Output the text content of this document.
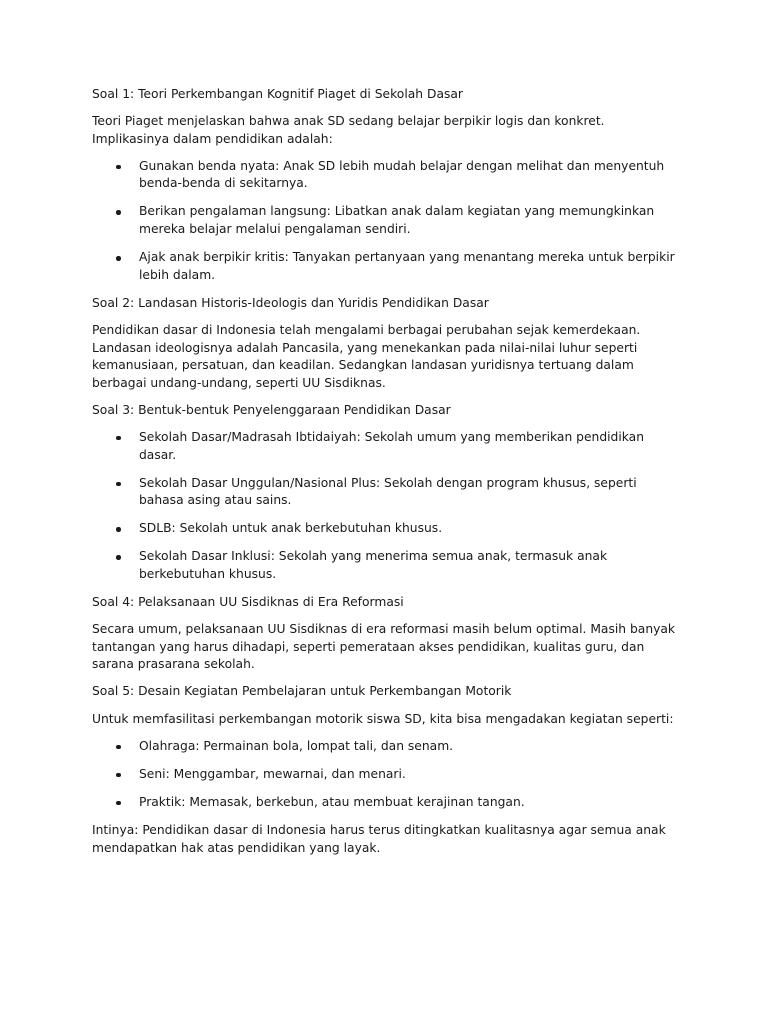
Soal 1: Teori Perkembangan Kognitif Piaget di Sekolah Dasar

Teori Piaget menjelaskan bahwa anak SD sedang belajar berpikir logis dan konkret. Implikasinya dalam pendidikan adalah:

Gunakan benda nyata: Anak SD lebih mudah belajar dengan melihat dan menyentuh benda-benda di sekitarnya.
Berikan pengalaman langsung: Libatkan anak dalam kegiatan yang memungkinkan mereka belajar melalui pengalaman sendiri.
Ajak anak berpikir kritis: Tanyakan pertanyaan yang menantang mereka untuk berpikir lebih dalam.

Soal 2: Landasan Historis-Ideologis dan Yuridis Pendidikan Dasar

Pendidikan dasar di Indonesia telah mengalami berbagai perubahan sejak kemerdekaan. Landasan ideologisnya adalah Pancasila, yang menekankan pada nilai-nilai luhur seperti kemanusiaan, persatuan, dan keadilan. Sedangkan landasan yuridisnya tertuang dalam berbagai undang-undang, seperti UU Sisdiknas.

Soal 3: Bentuk-bentuk Penyelenggaraan Pendidikan Dasar

Sekolah Dasar/Madrasah Ibtidaiyah: Sekolah umum yang memberikan pendidikan dasar.
Sekolah Dasar Unggulan/Nasional Plus: Sekolah dengan program khusus, seperti bahasa asing atau sains.
SDLB: Sekolah untuk anak berkebutuhan khusus.
Sekolah Dasar Inklusi: Sekolah yang menerima semua anak, termasuk anak berkebutuhan khusus.

Soal 4: Pelaksanaan UU Sisdiknas di Era Reformasi

Secara umum, pelaksanaan UU Sisdiknas di era reformasi masih belum optimal. Masih banyak tantangan yang harus dihadapi, seperti pemerataan akses pendidikan, kualitas guru, dan sarana prasarana sekolah.

Soal 5: Desain Kegiatan Pembelajaran untuk Perkembangan Motorik

Untuk memfasilitasi perkembangan motorik siswa SD, kita bisa mengadakan kegiatan seperti:

Olahraga: Permainan bola, lompat tali, dan senam.
Seni: Menggambar, mewarnai, dan menari.
Praktik: Memasak, berkebun, atau membuat kerajinan tangan.

Intinya: Pendidikan dasar di Indonesia harus terus ditingkatkan kualitasnya agar semua anak mendapatkan hak atas pendidikan yang layak.
